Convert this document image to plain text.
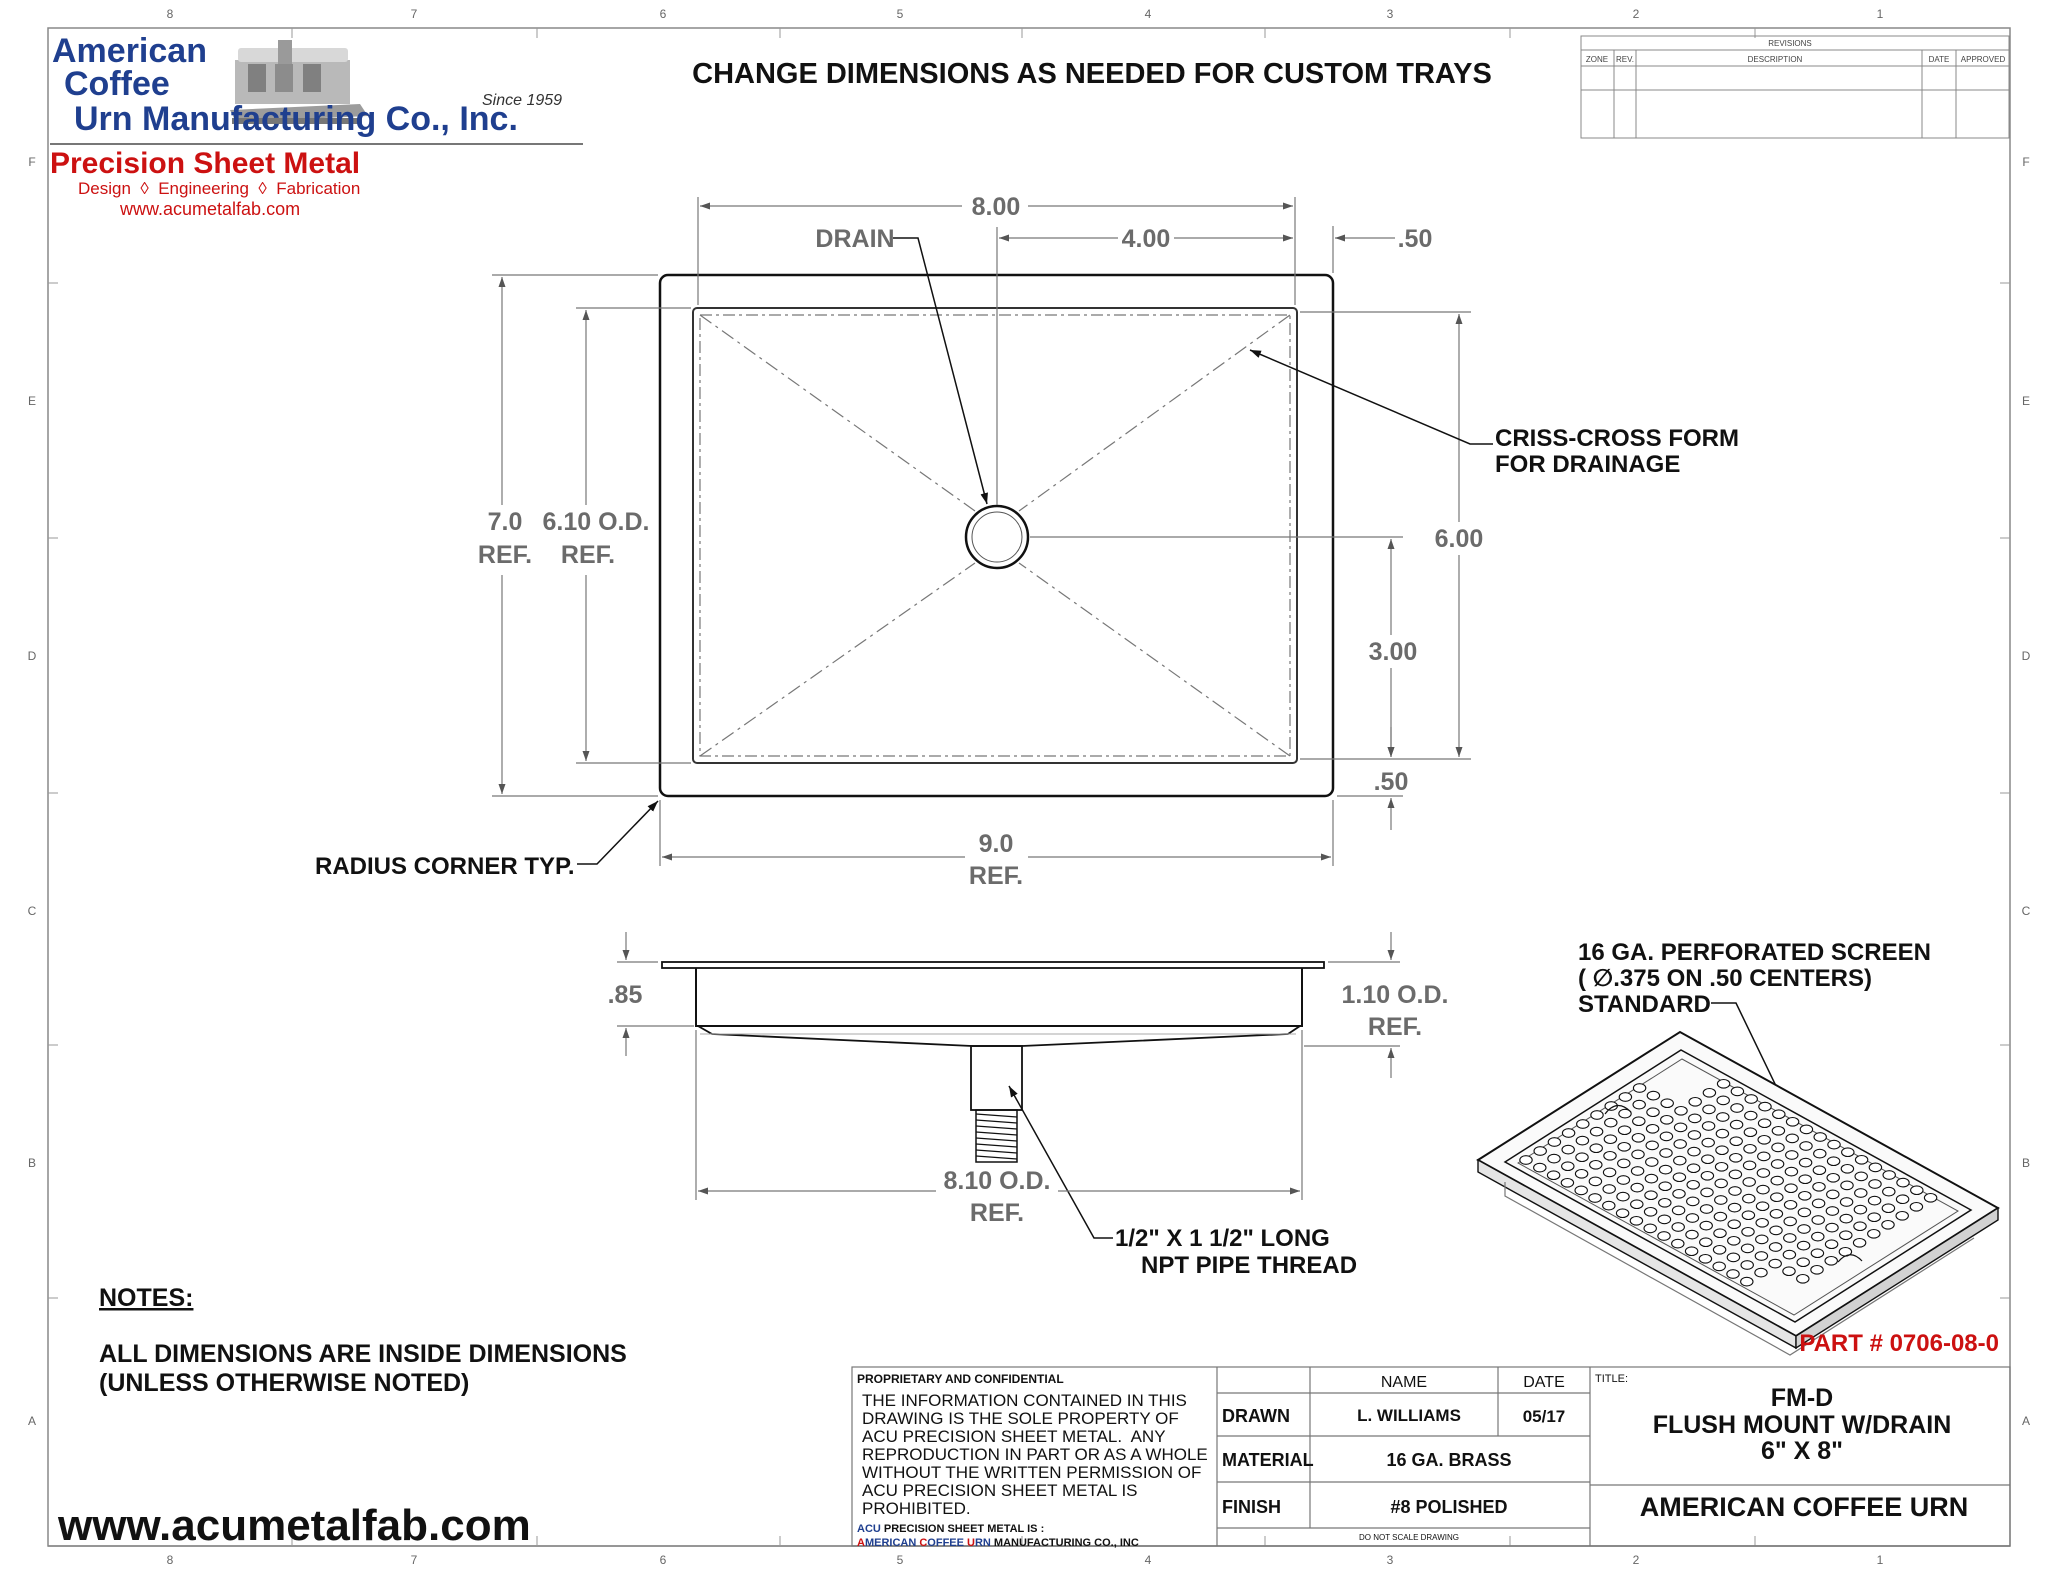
8
8
7
7
6
6
5
5
4
4
3
3
2
2
1
1
F	F
E	E
D	D
C	C
B	B
A	A
American
Coffee
Urn Manufacturing Co., Inc.
Since 1959
Precision Sheet Metal
Design  ◊  Engineering  ◊  Fabrication
www.acumetalfab.com
CHANGE DIMENSIONS AS NEEDED FOR CUSTOM TRAYS
REVISIONS
ZONE REV.	DESCRIPTION	DATE APPROVED
8.00
DRAIN	4.00	.50
7.0
REF.
6.10 O.D.
REF.
6.00
3.00
.50
9.0
REF.
CRISS-CROSS FORM
FOR DRAINAGE
RADIUS CORNER TYP.
1/2" X 1 1/2" LONG
NPT PIPE THREAD
16 GA. PERFORATED SCREEN
( ∅.375 ON .50 CENTERS)
STANDARD
.85	1.10 O.D.
REF.
8.10 O.D.
REF.
PART # 0706-08-0
NOTES:
ALL DIMENSIONS ARE INSIDE DIMENSIONS
(UNLESS OTHERWISE NOTED)
www.acumetalfab.com
PROPRIETARY AND CONFIDENTIAL
THE INFORMATION CONTAINED IN THIS
DRAWING IS THE SOLE PROPERTY OF
ACU PRECISION SHEET METAL.  ANY
REPRODUCTION IN PART OR AS A WHOLE
WITHOUT THE WRITTEN PERMISSION OF
ACU PRECISION SHEET METAL IS
PROHIBITED.
ACU PRECISION SHEET METAL IS :
AMERICAN COFFEE URN MANUFACTURING CO., INC
NAME	DATE
DRAWN	L. WILLIAMS	05/17
MATERIAL	16 GA. BRASS
FINISH	#8 POLISHED
DO NOT SCALE DRAWING
TITLE:
FM-D
FLUSH MOUNT W/DRAIN
6" X 8"
AMERICAN COFFEE URN
